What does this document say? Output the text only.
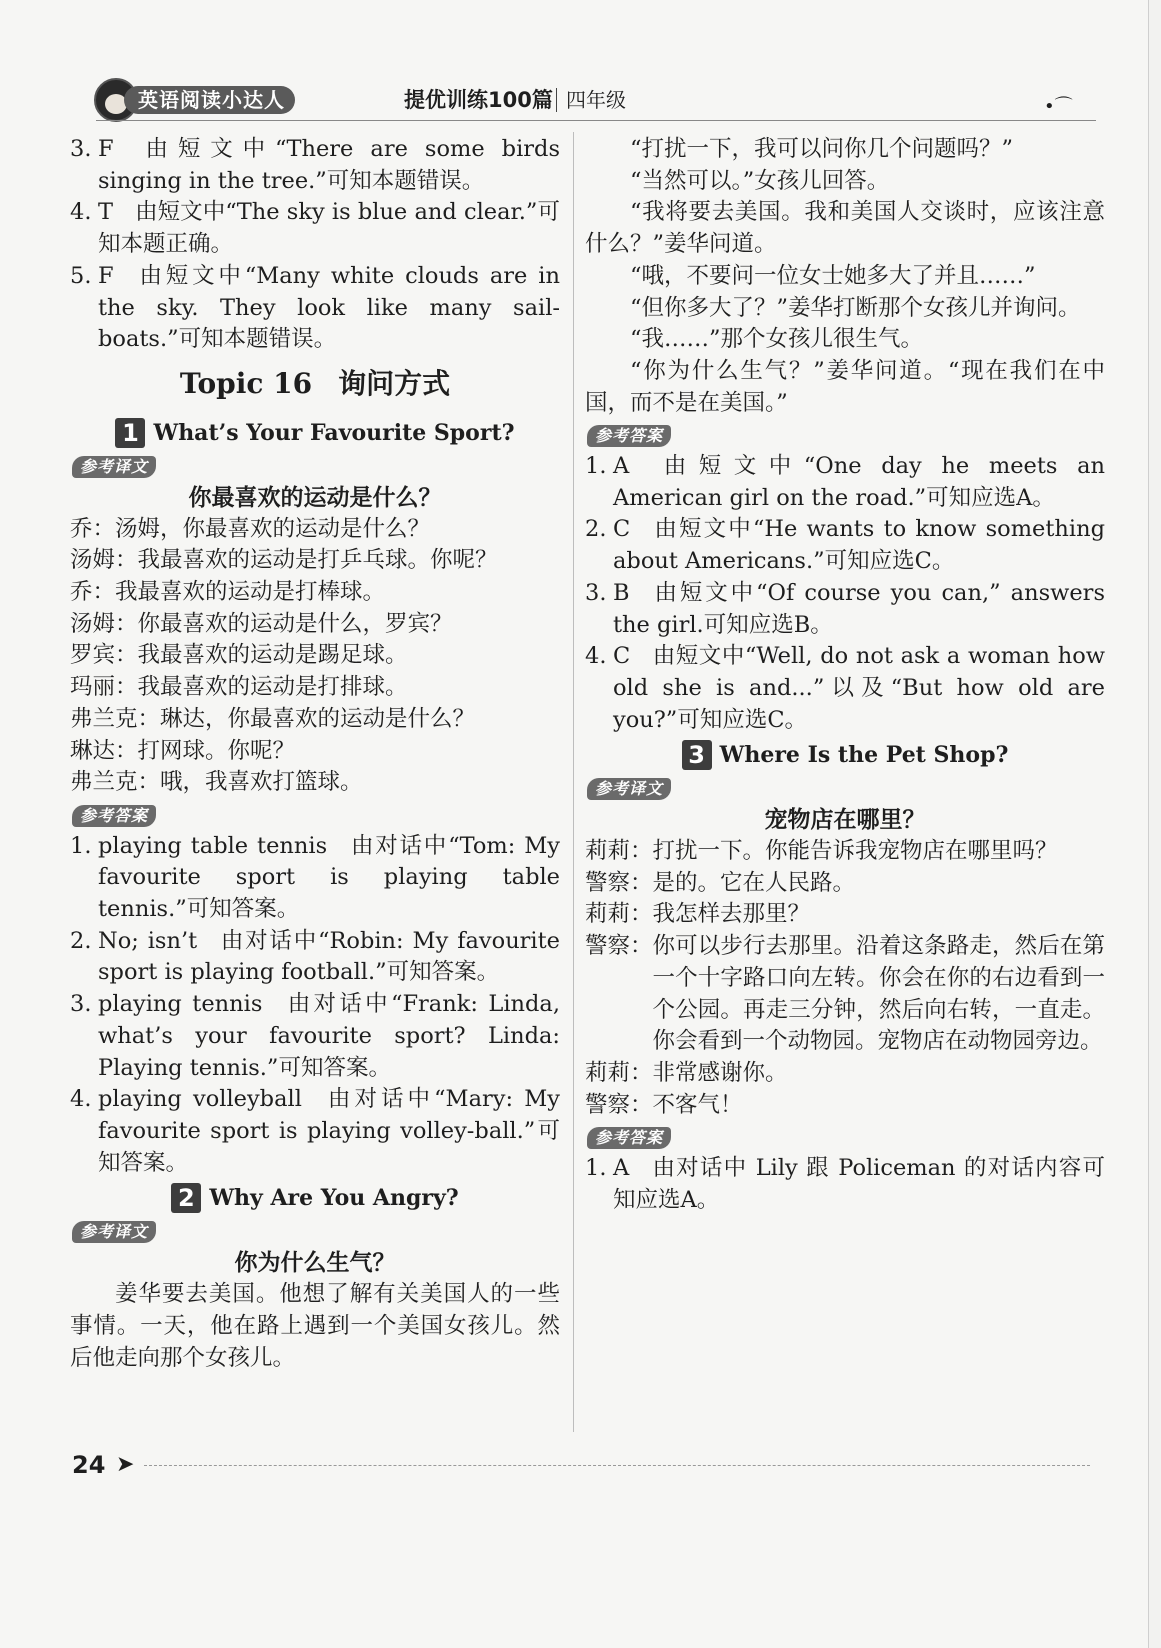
英语阅读小达人	提优训练100篇 四年级	•⌒
3. F 由短文中“There are some birds singing in the tree.”可知本题错误。
4. T 由短文中“The sky is blue and clear.”可知本题正确。
5. F 由短文中“Many white clouds are in the sky. They look like many sail-boats.”可知本题错误。
Topic 16 询问方式
1 What’s Your Favourite Sport?
参考译文
你最喜欢的运动是什么？
乔： 汤姆，你最喜欢的运动是什么？
汤姆： 我最喜欢的运动是打乒乓球。你呢？
乔： 我最喜欢的运动是打棒球。
汤姆： 你最喜欢的运动是什么，罗宾？
罗宾： 我最喜欢的运动是踢足球。
玛丽： 我最喜欢的运动是打排球。
弗兰克： 琳达，你最喜欢的运动是什么？
琳达： 打网球。你呢？
弗兰克： 哦，我喜欢打篮球。
参考答案
1. playing table tennis 由对话中“Tom: My favourite sport is playing table tennis.”可知答案。
2. No; isn’t 由对话中“Robin: My favourite sport is playing football.”可知答案。
3. playing tennis 由对话中“Frank: Linda, what’s your favourite sport? Linda: Playing tennis.”可知答案。
4. playing volleyball 由对话中“Mary: My favourite sport is playing volley-ball.”可知答案。
2 Why Are You Angry?
参考译文
你为什么生气？
姜华要去美国。他想了解有关美国人的一些事情。一天，他在路上遇到一个美国女孩儿。然后他走向那个女孩儿。
“打扰一下，我可以问你几个问题吗？”
“当然可以。”女孩儿回答。
“我将要去美国。我和美国人交谈时，应该注意什么？”姜华问道。
“哦，不要问一位女士她多大了并且……”
“但你多大了？”姜华打断那个女孩儿并询问。
“我……”那个女孩儿很生气。
“你为什么生气？”姜华问道。“现在我们在中国，而不是在美国。”
参考答案
1. A 由短文中“One day he meets an American girl on the road.”可知应选A。
2. C 由短文中“He wants to know something about Americans.”可知应选C。
3. B 由短文中“Of course you can,” answers the girl.可知应选B。
4. C 由短文中“Well, do not ask a woman how old she is and...”以及“But how old are you?”可知应选C。
3 Where Is the Pet Shop?
参考译文
宠物店在哪里？
莉莉： 打扰一下。你能告诉我宠物店在哪里吗？
警察： 是的。它在人民路。
莉莉： 我怎样去那里？
警察： 你可以步行去那里。沿着这条路走，然后在第一个十字路口向左转。你会在你的右边看到一个公园。再走三分钟，然后向右转，一直走。你会看到一个动物园。宠物店在动物园旁边。
莉莉： 非常感谢你。
警察： 不客气！
参考答案
1. A 由对话中 Lily 跟 Policeman 的对话内容可知应选A。
24 ➤
